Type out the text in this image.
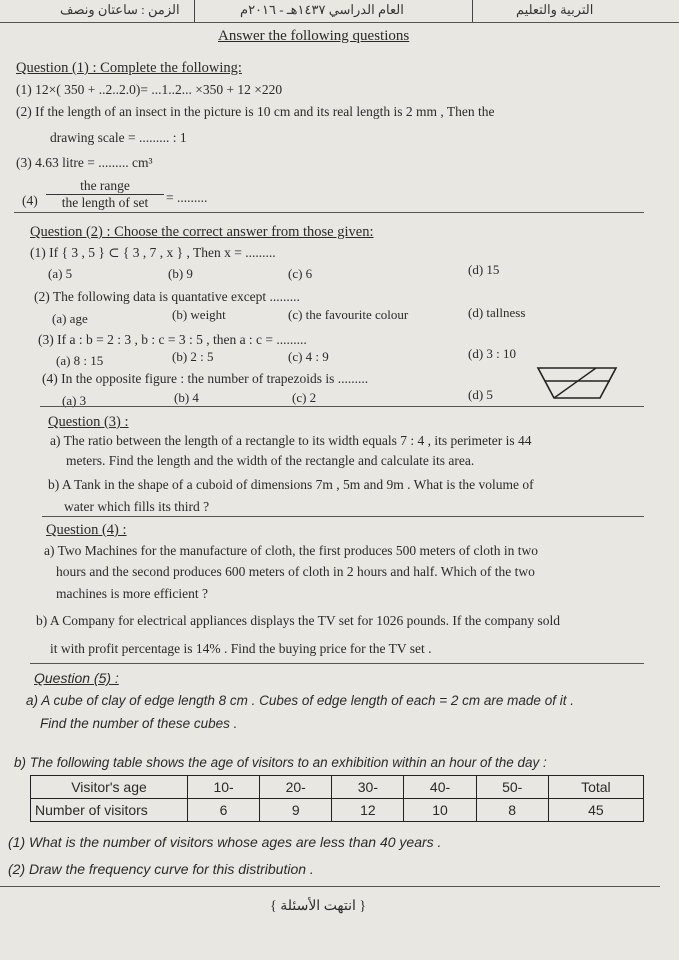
الزمن : ساعتان ونصف	العام الدراسي ١٤٣٧هـ - ٢٠١٦م	التربية والتعليم
Answer the following questions
Question (1) : Complete the following:
(1) 12×( 350 + ..2..2.0)= ...1..2... ×350 + 12 ×220
(2) If the length of an insect in the picture is 10 cm and its real length is 2 mm , Then the
drawing scale = ......... : 1
(3) 4.63 litre = ......... cm³
(4)
the range
the length of set	= .........
Question (2) : Choose the correct answer from those given:
(1) If { 3 , 5 } ⊂ { 3 , 7 , x } , Then x = .........
(a) 5	(b) 9	(c) 6	(d) 15
(2) The following data is quantative except .........
(a) age	(b) weight	(c) the favourite colour	(d) tallness
(3) If a : b = 2 : 3 , b : c = 3 : 5 , then a : c = .........
(a) 8 : 15	(b) 2 : 5	(c) 4 : 9	(d) 3 : 10
(4) In the opposite figure : the number of trapezoids is .........
(a) 3	(b) 4	(c) 2	(d) 5
Question (3) :
a) The ratio between the length of a rectangle to its width equals 7 : 4 , its perimeter is 44
meters. Find the length and the width of the rectangle and calculate its area.
b) A Tank in the shape of a cuboid of dimensions 7m , 5m and 9m . What is the volume of
water which fills its third ?
Question (4) :
a) Two Machines for the manufacture of cloth, the first produces 500 meters of cloth in two
hours and the second produces 600 meters of cloth in 2 hours and half. Which of the two
machines is more efficient ?
b) A Company for electrical appliances displays the TV set for 1026 pounds. If the company sold
it with profit percentage is 14% . Find the buying price for the TV set .
Question (5) :
a) A cube of clay of edge length 8 cm . Cubes of edge length of each = 2 cm are made of it .
Find the number of these cubes .
b) The following table shows the age of visitors to an exhibition within an hour of the day :
Visitor's age	10-	20-	30-	40-	50-	Total
Number of visitors	6	9	12	10	8	45
(1) What is the number of visitors whose ages are less than 40 years .
(2) Draw the frequency curve for this distribution .
{ انتهت الأسئلة }
